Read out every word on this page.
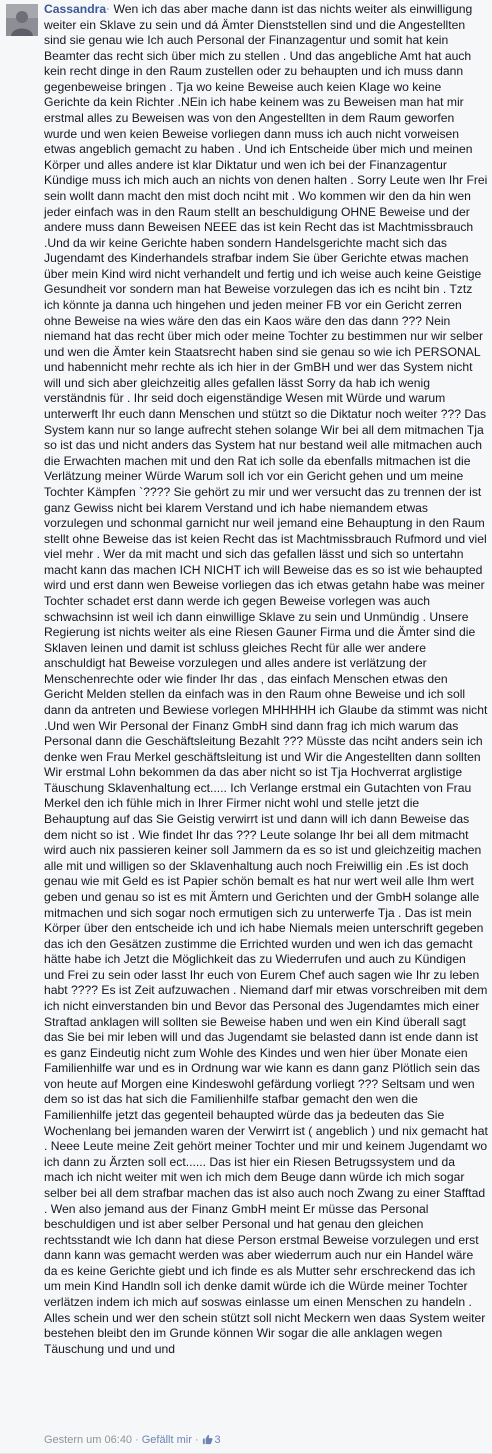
Cassandra· Wen ich das aber mache dann ist das nichts weiter als einwilligung weiter ein Sklave zu sein und dá Ämter Dienststellen sind und die Angestellten sind sie genau wie Ich auch Personal der Finanzagentur und somit hat kein Beamter das recht sich über mich zu stellen . Und das angebliche Amt hat auch kein recht dinge in den Raum zustellen oder zu behaupten und ich muss dann gegenbeweise bringen . Tja wo keine Beweise auch keien Klage wo keine Gerichte da kein Richter .NEin ich habe keinem was zu Beweisen man hat mir erstmal alles zu Beweisen was von den Angestellten in dem Raum geworfen wurde und wen keien Beweise vorliegen dann muss ich auch nicht vorweisen etwas angeblich gemacht zu haben . Und ich Entscheide über mich und meinen Körper und alles andere ist klar Diktatur und wen ich bei der Finanzagentur Kündige muss ich mich auch an nichts von denen halten . Sorry Leute wen Ihr Frei sein wollt dann macht den mist doch nciht mit . Wo kommen wir den da hin wen jeder einfach was in den Raum stellt an beschuldigung OHNE Beweise und der andere muss dann Beweisen NEEE das ist kein Recht das ist Machtmissbrauch .Und da wir keine Gerichte haben sondern Handelsgerichte macht sich das Jugendamt des Kinderhandels strafbar indem Sie über Gerichte etwas machen über mein Kind wird nicht verhandelt und fertig und ich weise auch keine Geistige Gesundheit vor sondern man hat Beweise vorzulegen das ich es nciht bin . Tztz ich könnte ja danna uch hingehen und jeden meiner FB vor ein Gericht zerren ohne Beweise na wies wäre den das ein Kaos wäre den das dann ??? Nein niemand hat das recht über mich oder meine Tochter zu bestimmen nur wir selber und wen die Ämter kein Staatsrecht haben sind sie genau so wie ich PERSONAL und habennicht mehr rechte als ich hier in der GmBH und wer das System nicht will und sich aber gleichzeitig alles gefallen lässt Sorry da hab ich wenig verständnis für . Ihr seid doch eigenständige Wesen mit Würde und warum unterwerft Ihr euch dann Menschen und stützt so die Diktatur noch weiter ??? Das System kann nur so lange aufrecht stehen solange Wir bei all dem mitmachen Tja so ist das und nicht anders das System hat nur bestand weil alle mitmachen auch die Erwachten machen mit und den Rat ich solle da ebenfalls mitmachen ist die Verlätzung meiner Würde Warum soll ich vor ein Gericht gehen und um meine Tochter Kämpfen `???? Sie gehört zu mir und wer versucht das zu trennen der ist ganz Gewiss nicht bei klarem Verstand und ich habe niemandem etwas vorzulegen und schonmal garnicht nur weil jemand eine Behauptung in den Raum stellt ohne Beweise das ist keien Recht das ist Machtmissbrauch Rufmord und viel viel mehr . Wer da mit macht und sich das gefallen lässt und sich so untertahn macht kann das machen ICH NICHT ich will Beweise das es so ist wie behaupted wird und erst dann wen Beweise vorliegen das ich etwas getahn habe was meiner Tochter schadet erst dann werde ich gegen Beweise vorlegen was auch schwachsinn ist weil ich dann einwillige Sklave zu sein und Unmündig . Unsere Regierung ist nichts weiter als eine Riesen Gauner Firma und die Ämter sind die Sklaven leinen und damit ist schluss gleiches Recht für alle wer andere anschuldigt hat Beweise vorzulegen und alles andere ist verlätzung der Menschenrechte oder wie finder Ihr das , das einfach Menschen etwas den Gericht Melden stellen da einfach was in den Raum ohne Beweise und ich soll dann da antreten und Bewiese vorlegen MHHHHH ich Glaube da stimmt was nicht .Und wen Wir Personal der Finanz GmbH sind dann frag ich mich warum das Personal dann die Geschäftsleitung Bezahlt ??? Müsste das nciht anders sein ich denke wen Frau Merkel geschäftsleitung ist und Wir die Angestellten dann sollten Wir erstmal Lohn bekommen da das aber nicht so ist Tja Hochverrat arglistige Täuschung Sklavenhaltung ect..... Ich Verlange erstmal ein Gutachten von Frau Merkel den ich fühle mich in Ihrer Firmer nicht wohl und stelle jetzt die Behauptung auf das Sie Geistig verwirrt ist und dann will ich dann Beweise das dem nicht so ist . Wie findet Ihr das ??? Leute solange Ihr bei all dem mitmacht wird auch nix passieren keiner soll Jammern da es so ist und gleichzeitig machen alle mit und willigen so der Sklavenhaltung auch noch Freiwillig ein .Es ist doch genau wie mit Geld es ist Papier schön bemalt es hat nur wert weil alle Ihm wert geben und genau so ist es mit Ämtern und Gerichten und der GmbH solange alle mitmachen und sich sogar noch ermutigen sich zu unterwerfe Tja . Das ist mein Körper über den entscheide ich und ich habe Niemals meien unterschrift gegeben das ich den Gesätzen zustimme die Errichted wurden und wen ich das gemacht hätte habe ich Jetzt die Möglichkeit das zu Wiederrufen und auch zu Kündigen und Frei zu sein oder lasst Ihr euch von Eurem Chef auch sagen wie Ihr zu leben habt ???? Es ist Zeit aufzuwachen . Niemand darf mir etwas vorschreiben mit dem ich nicht einverstanden bin und Bevor das Personal des Jugendamtes mich einer Straftad anklagen will sollten sie Beweise haben und wen ein Kind überall sagt das Sie bei mir leben will und das Jugendamt sie belasted dann ist ende dann ist es ganz Eindeutig nicht zum Wohle des Kindes und wen hier über Monate eien Familienhilfe war und es in Ordnung war wie kann es dann ganz Plötlich sein das von heute auf Morgen eine Kindeswohl gefärdung vorliegt ??? Seltsam und wen dem so ist das hat sich die Familienhilfe stafbar gemacht den wen die Familienhilfe jetzt das gegenteil behaupted würde das ja bedeuten das Sie Wochenlang bei jemanden waren der Verwirrt ist ( angeblich ) und nix gemacht hat . Neee Leute meine Zeit gehört meiner Tochter und mir und keinem Jugendamt wo ich dann zu Ärzten soll ect...... Das ist hier ein Riesen Betrugssystem und da mach ich nicht weiter mit wen ich mich dem Beuge dann würde ich mich sogar selber bei all dem strafbar machen das ist also auch noch Zwang zu einer Stafftad . Wen also jemand aus der Finanz GmbH meint Er müsse das Personal beschuldigen und ist aber selber Personal und hat genau den gleichen rechtsstandt wie Ich dann hat diese Person erstmal Beweise vorzulegen und erst dann kann was gemacht werden was aber wiederrum auch nur ein Handel wäre da es keine Gerichte giebt und ich finde es als Mutter sehr erschreckend das ich um mein Kind Handln soll ich denke damit würde ich die Würde meiner Tochter verlätzen indem ich mich auf soswas einlasse um einen Menschen zu handeln . Alles schein und wer den schein stützt soll nicht Meckern wen daas System weiter bestehen bleibt den im Grunde können Wir sogar die alle anklagen wegen Täuschung und und und

Gestern um 06:40 · Gefällt mir · 3
